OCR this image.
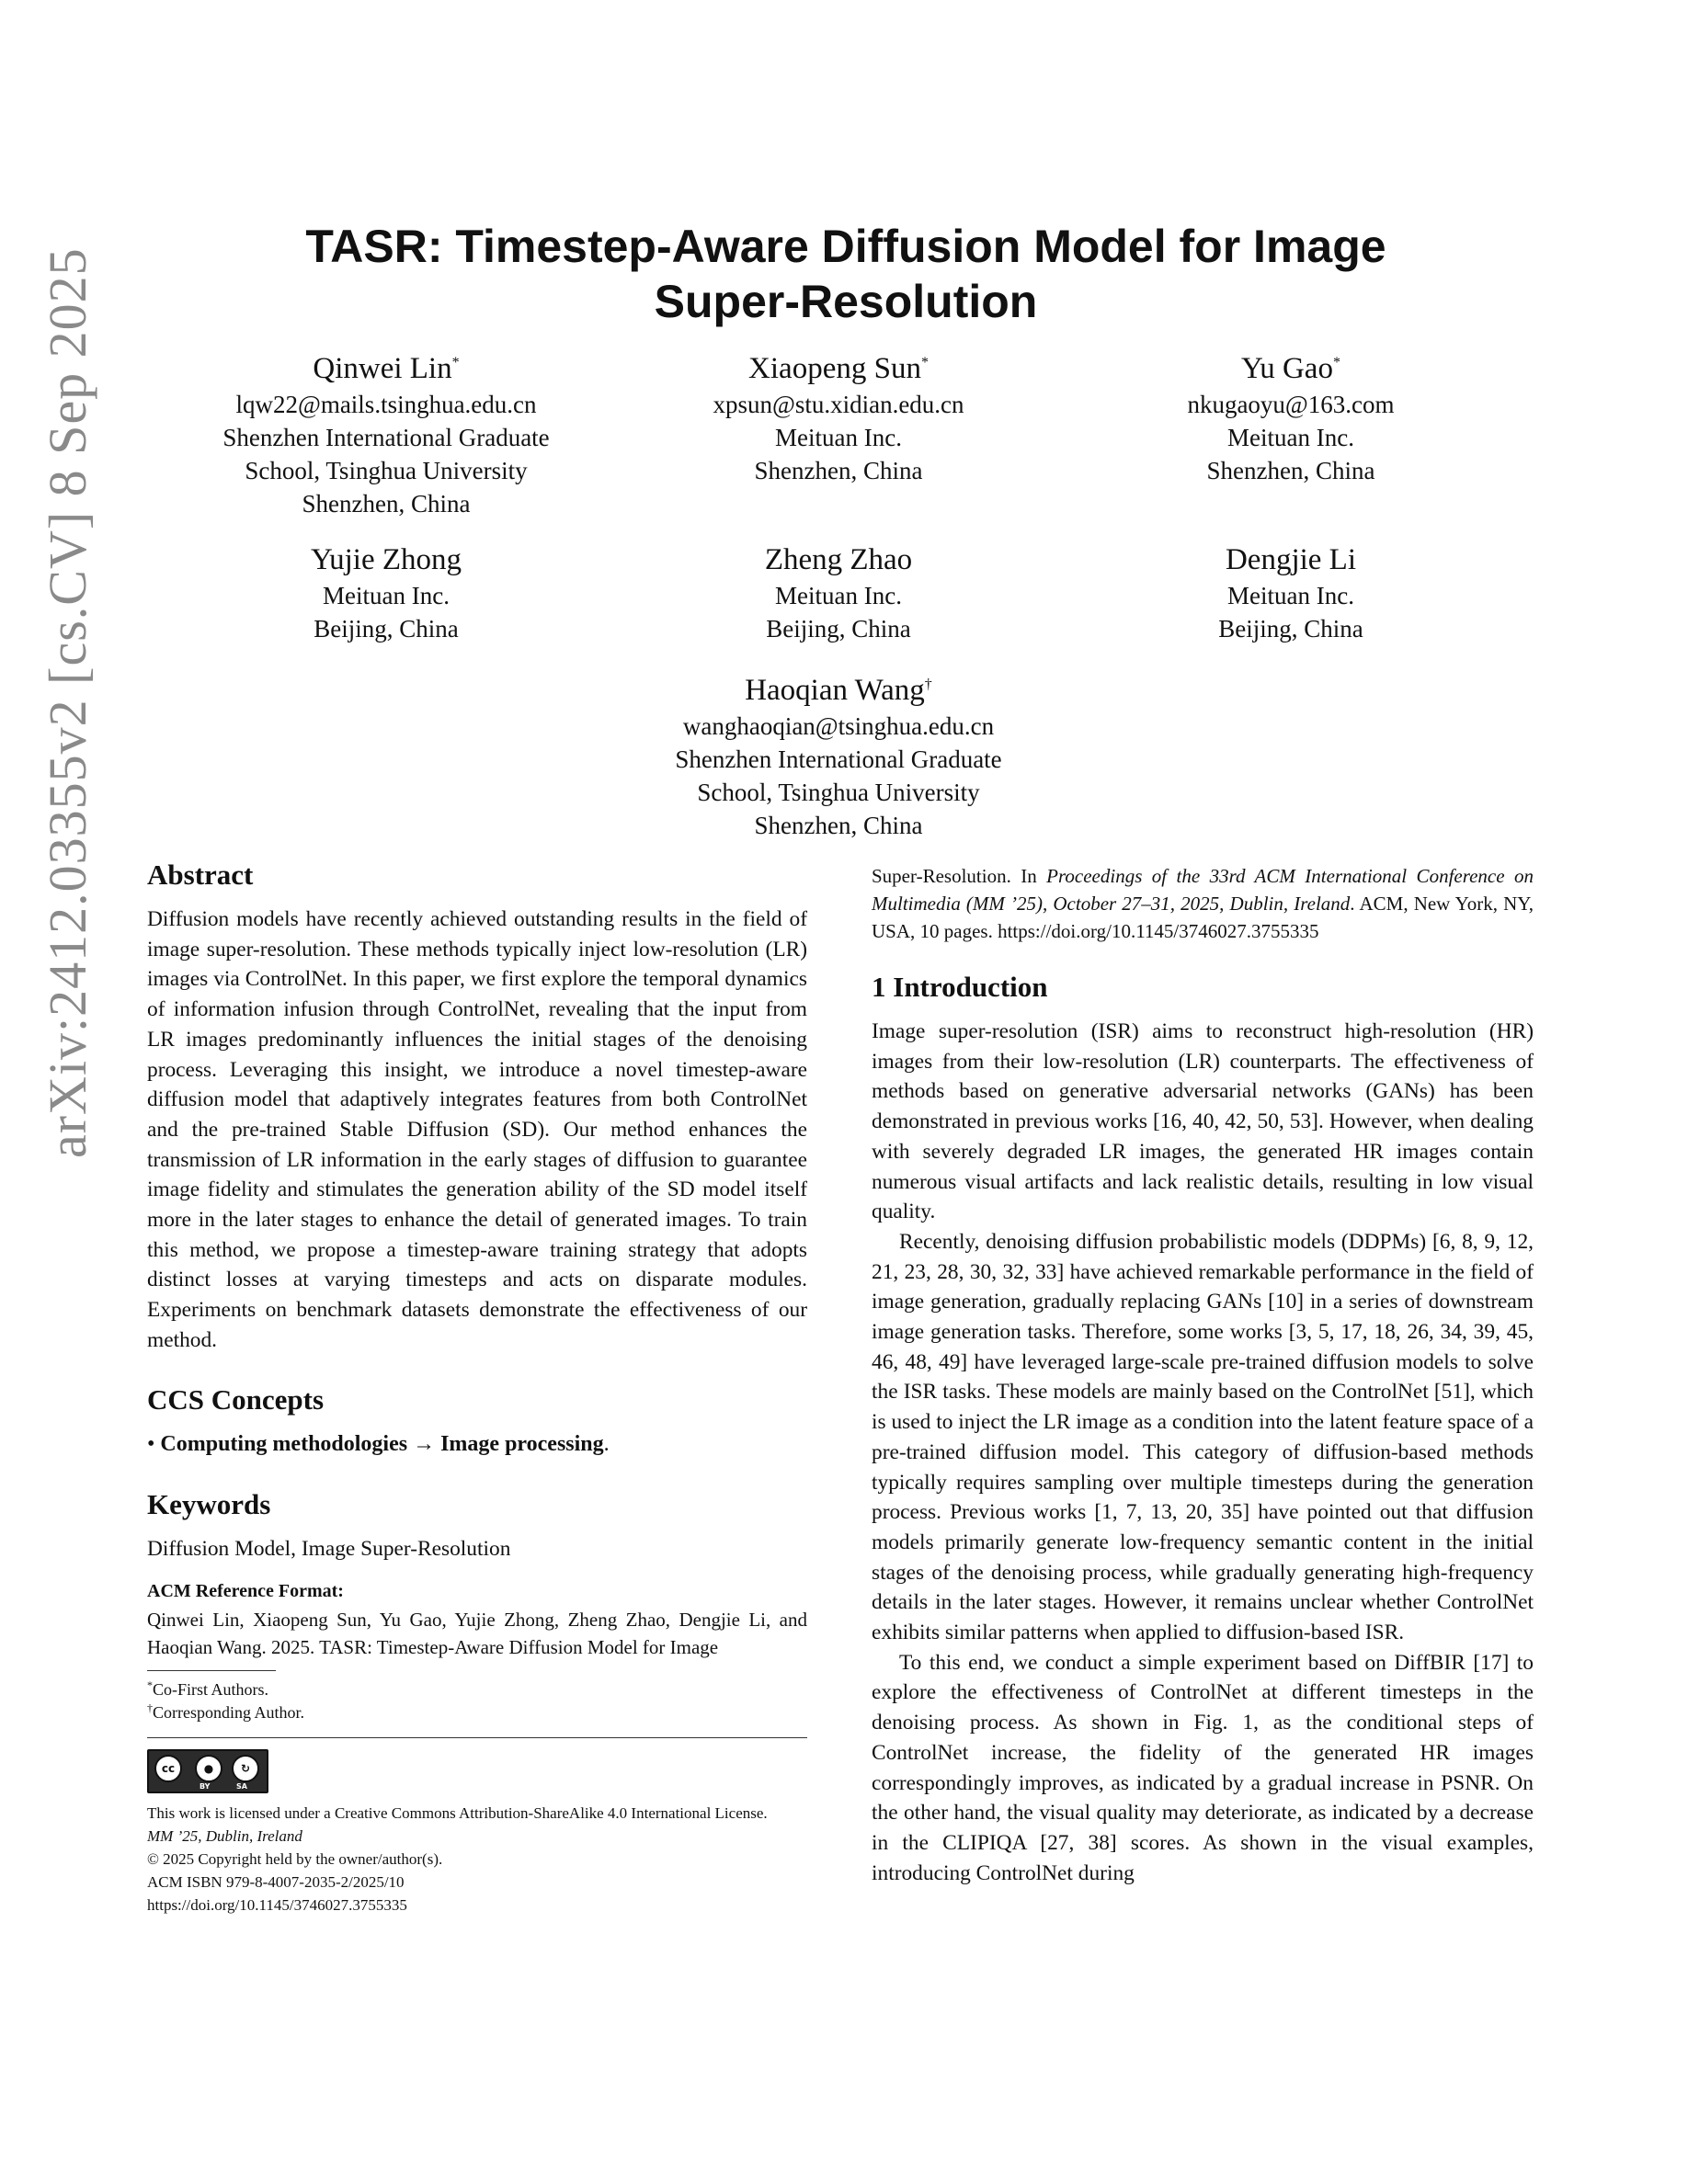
arXiv:2412.03355v2 [cs.CV] 8 Sep 2025
TASR: Timestep-Aware Diffusion Model for Image
Super-Resolution
Qinwei Lin*
lqw22@mails.tsinghua.edu.cn
Shenzhen International Graduate
School, Tsinghua University
Shenzhen, China
Xiaopeng Sun*
xpsun@stu.xidian.edu.cn
Meituan Inc.
Shenzhen, China
Yu Gao*
nkugaoyu@163.com
Meituan Inc.
Shenzhen, China
Yujie Zhong
Meituan Inc.
Beijing, China
Zheng Zhao
Meituan Inc.
Beijing, China
Dengjie Li
Meituan Inc.
Beijing, China
Haoqian Wang†
wanghaoqian@tsinghua.edu.cn
Shenzhen International Graduate
School, Tsinghua University
Shenzhen, China
Abstract

Diffusion models have recently achieved outstanding results in the field of image super-resolution. These methods typically inject low-resolution (LR) images via ControlNet. In this paper, we first explore the temporal dynamics of information infusion through ControlNet, revealing that the input from LR images predominantly influences the initial stages of the denoising process. Leveraging this insight, we introduce a novel timestep-aware diffusion model that adaptively integrates features from both ControlNet and the pre-trained Stable Diffusion (SD). Our method enhances the transmission of LR information in the early stages of diffusion to guarantee image fidelity and stimulates the generation ability of the SD model itself more in the later stages to enhance the detail of generated images. To train this method, we propose a timestep-aware training strategy that adopts distinct losses at varying timesteps and acts on disparate modules. Experiments on benchmark datasets demonstrate the effectiveness of our method.

CCS Concepts

• Computing methodologies → Image processing.

Keywords

Diffusion Model, Image Super-Resolution

ACM Reference Format:

Qinwei Lin, Xiaopeng Sun, Yu Gao, Yujie Zhong, Zheng Zhao, Dengjie Li, and Haoqian Wang. 2025. TASR: Timestep-Aware Diffusion Model for Image

*Co-First Authors.

†Corresponding Author.

cc	●	↻
BY	SA

This work is licensed under a Creative Commons Attribution-ShareAlike 4.0 International License.

MM ’25, Dublin, Ireland

© 2025 Copyright held by the owner/author(s).

ACM ISBN 979-8-4007-2035-2/2025/10

https://doi.org/10.1145/3746027.3755335

Super-Resolution. In Proceedings of the 33rd ACM International Conference on Multimedia (MM ’25), October 27–31, 2025, Dublin, Ireland. ACM, New York, NY, USA, 10 pages. https://doi.org/10.1145/3746027.3755335

1 Introduction

Image super-resolution (ISR) aims to reconstruct high-resolution (HR) images from their low-resolution (LR) counterparts. The effectiveness of methods based on generative adversarial networks (GANs) has been demonstrated in previous works [16, 40, 42, 50, 53]. However, when dealing with severely degraded LR images, the generated HR images contain numerous visual artifacts and lack realistic details, resulting in low visual quality.

Recently, denoising diffusion probabilistic models (DDPMs) [6, 8, 9, 12, 21, 23, 28, 30, 32, 33] have achieved remarkable performance in the field of image generation, gradually replacing GANs [10] in a series of downstream image generation tasks. Therefore, some works [3, 5, 17, 18, 26, 34, 39, 45, 46, 48, 49] have leveraged large-scale pre-trained diffusion models to solve the ISR tasks. These models are mainly based on the ControlNet [51], which is used to inject the LR image as a condition into the latent feature space of a pre-trained diffusion model. This category of diffusion-based methods typically requires sampling over multiple timesteps during the generation process. Previous works [1, 7, 13, 20, 35] have pointed out that diffusion models primarily generate low-frequency semantic content in the initial stages of the denoising process, while gradually generating high-frequency details in the later stages. However, it remains unclear whether ControlNet exhibits similar patterns when applied to diffusion-based ISR.

To this end, we conduct a simple experiment based on DiffBIR [17] to explore the effectiveness of ControlNet at different timesteps in the denoising process. As shown in Fig. 1, as the conditional steps of ControlNet increase, the fidelity of the generated HR images correspondingly improves, as indicated by a gradual increase in PSNR. On the other hand, the visual quality may deteriorate, as indicated by a decrease in the CLIPIQA [27, 38] scores. As shown in the visual examples, introducing ControlNet during
